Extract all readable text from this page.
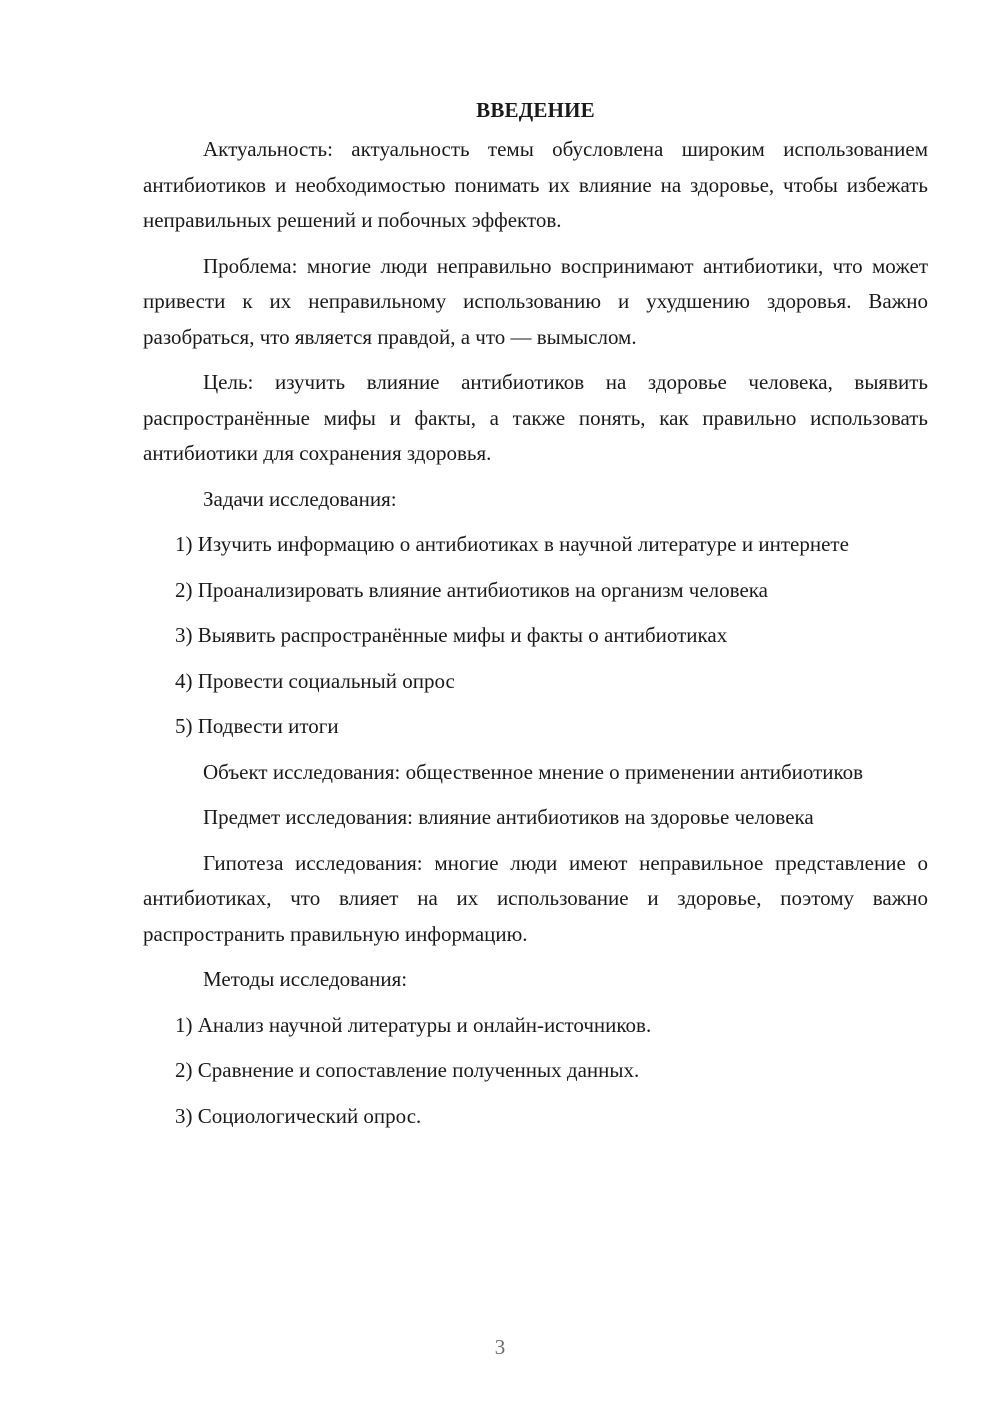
ВВЕДЕНИЕ

Актуальность: актуальность темы обусловлена широким использованием антибиотиков и необходимостью понимать их влияние на здоровье, чтобы избежать неправильных решений и побочных эффектов.

Проблема: многие люди неправильно воспринимают антибиотики, что может привести к их неправильному использованию и ухудшению здоровья. Важно разобраться, что является правдой, а что — вымыслом.

Цель: изучить влияние антибиотиков на здоровье человека, выявить распространённые мифы и факты, а также понять, как правильно использовать антибиотики для сохранения здоровья.

Задачи исследования:

1) Изучить информацию о антибиотиках в научной литературе и интернете

2) Проанализировать влияние антибиотиков на организм человека

3) Выявить распространённые мифы и факты о антибиотиках

4) Провести социальный опрос

5) Подвести итоги

Объект исследования: общественное мнение о применении антибиотиков

Предмет исследования: влияние антибиотиков на здоровье человека

Гипотеза исследования: многие люди имеют неправильное представление о антибиотиках, что влияет на их использование и здоровье, поэтому важно распространить правильную информацию.

Методы исследования:

1) Анализ научной литературы и онлайн-источников.

2) Сравнение и сопоставление полученных данных.

3) Социологический опрос.

3
